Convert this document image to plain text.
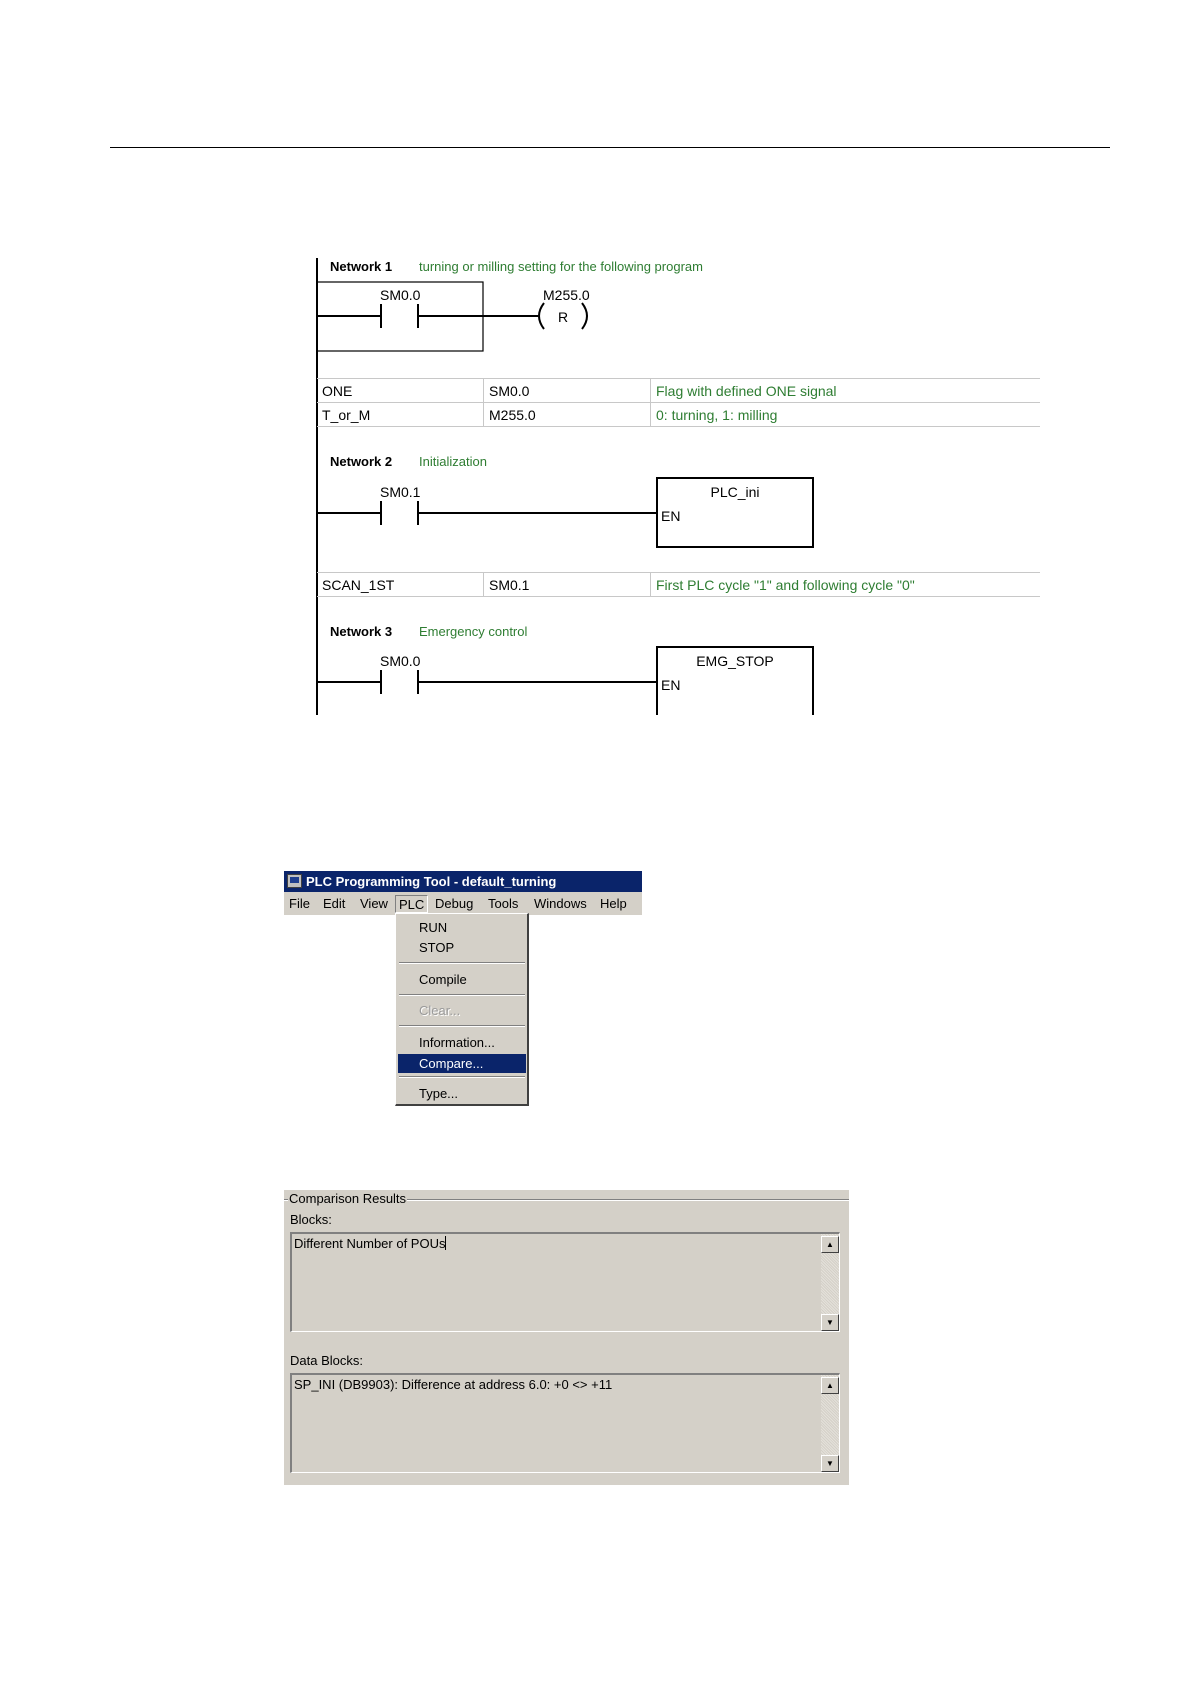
Network 1 turning or milling setting for the following program
SM0.0	M255.0
R
ONE	SM0.0	Flag with defined ONE signal
T_or_M	M255.0	0: turning, 1: milling
Network 2 Initialization
SM0.1	PLC_ini
EN
SCAN_1ST	SM0.1	First PLC cycle "1" and following cycle "0"
Network 3 Emergency control
SM0.0	EMG_STOP
EN
PLC Programming Tool - default_turning
File Edit View PLC Debug Tools Windows Help
RUN
STOP
Compile
Clear...
Information...
Compare...
Type...
Comparison Results
Blocks:
Different Number of POUs	▲
▼
Data Blocks:
SP_INI (DB9903): Difference at address 6.0: +0 <> +11	▲
▼
